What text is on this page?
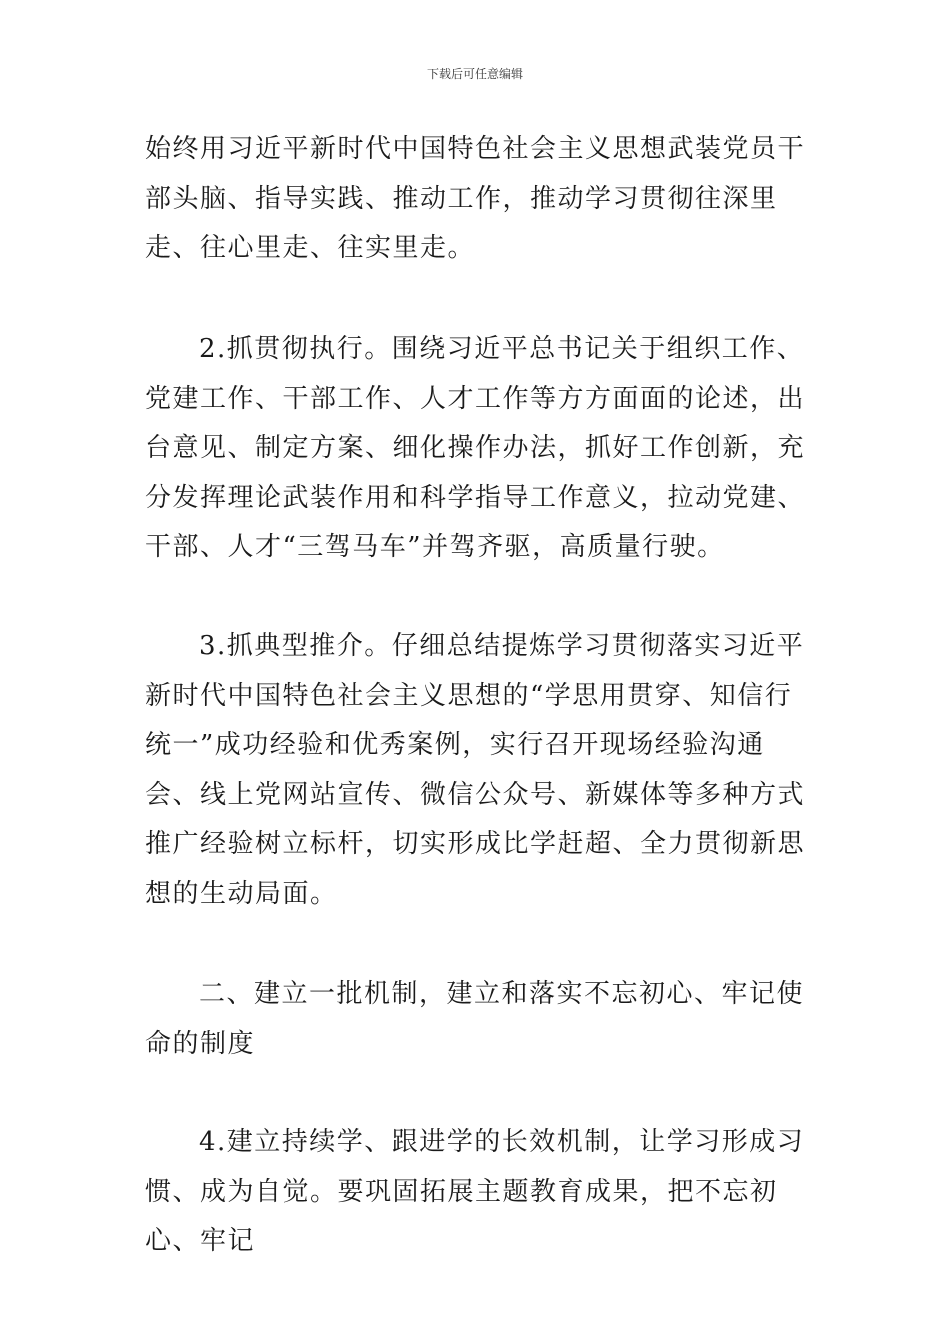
下载后可任意编辑

始终用习近平新时代中国特色社会主义思想武装党员干部头脑、指导实践、推动工作，推动学习贯彻往深里走、往心里走、往实里走。

2.抓贯彻执行。围绕习近平总书记关于组织工作、党建工作、干部工作、人才工作等方方面面的论述，出台意见、制定方案、细化操作办法，抓好工作创新，充分发挥理论武装作用和科学指导工作意义，拉动党建、干部、人才“三驾马车”并驾齐驱，高质量行驶。

3.抓典型推介。仔细总结提炼学习贯彻落实习近平新时代中国特色社会主义思想的“学思用贯穿、知信行统一”成功经验和优秀案例，实行召开现场经验沟通会、线上党网站宣传、微信公众号、新媒体等多种方式推广经验树立标杆，切实形成比学赶超、全力贯彻新思想的生动局面。

二、建立一批机制，建立和落实不忘初心、牢记使命的制度

4.建立持续学、跟进学的长效机制，让学习形成习惯、成为自觉。要巩固拓展主题教育成果，把不忘初心、牢记
